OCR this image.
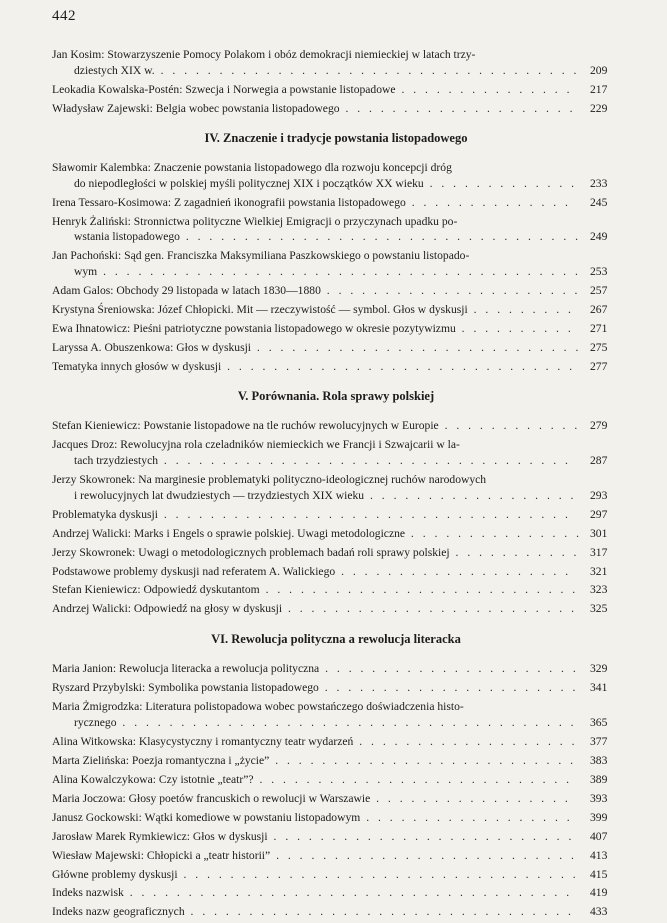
442
Jan Kosim: Stowarzyszenie Pomocy Polakom i obóz demokracji niemieckiej w latach trzy-
dziestych XIX w. . . . . . . . . . . . . . . . . . . . . . . . . . . . . . . . . . . . . 209
Leokadia Kowalska-Postén: Szwecja i Norwegia a powstanie listopadowe . . . . . . . . . . . . . . . 217
Władysław Zajewski: Belgia wobec powstania listopadowego . . . . . . . . . . . . . . . . . . . . 229
IV. Znaczenie i tradycje powstania listopadowego
Sławomir Kalembka: Znaczenie powstania listopadowego dla rozwoju koncepcji dróg
do niepodległości w polskiej myśli politycznej XIX i początków XX wieku . . . . . . . . . . . . .	233
Irena Tessaro-Kosimowa: Z zagadnień ikonografii powstania listopadowego . . . . . . . . . . . . . . 245
Henryk Żaliński: Stronnictwa polityczne Wielkiej Emigracji o przyczynach upadku po-
wstania listopadowego . . . . . . . . . . . . . . . . . . . . . . . . . . . . . . . . . . 249
Jan Pachoński: Sąd gen. Franciszka Maksymiliana Paszkowskiego o powstaniu listopado-
wym . . . . . . . . . . . . . . . . . . . . . . . . . . . . . . . . . . . . . . . . . 253
Adam Galos: Obchody 29 listopada w latach 1830—1880 . . . . . . . . . . . . . . . . . . . . . . 257
Krystyna Śreniowska: Józef Chłopicki. Mit — rzeczywistość — symbol. Głos w dyskusji . . . . . . . . . 267
Ewa Ihnatowicz: Pieśni patriotyczne powstania listopadowego w okresie pozytywizmu . . . . . . . . . . 271
Laryssa A. Obuszenkowa: Głos w dyskusji . . . . . . . . . . . . . . . . . . . . . . . . . . . . 275
Tematyka innych głosów w dyskusji . . . . . . . . . . . . . . . . . . . . . . . . . . . . . . 277
V. Porównania. Rola sprawy polskiej
Stefan Kieniewicz: Powstanie listopadowe na tle ruchów rewolucyjnych w Europie . . . . . . . . . . . . 279
Jacques Droz: Rewolucyjna rola czeladników niemieckich we Francji i Szwajcarii w la-
tach trzydziestych . . . . . . . . . . . . . . . . . . . . . . . . . . . . . . . . . . .	287
Jerzy Skowronek: Na marginesie problematyki polityczno-ideologicznej ruchów narodowych
i rewolucyjnych lat dwudziestych — trzydziestych XIX wieku . . . . . . . . . . . . . . . . . .	293
Problematyka dyskusji . . . . . . . . . . . . . . . . . . . . . . . . . . . . . . . . . . . 297
Andrzej Walicki: Marks i Engels o sprawie polskiej. Uwagi metodologiczne . . . . . . . . . . . . . . . 301
Jerzy Skowronek: Uwagi o metodologicznych problemach badań roli sprawy polskiej . . . . . . . . . . . 317
Podstawowe problemy dyskusji nad referatem A. Walickiego . . . . . . . . . . . . . . . . . . . . 321
Stefan Kieniewicz: Odpowiedź dyskutantom . . . . . . . . . . . . . . . . . . . . . . . . . . . 323
Andrzej Walicki: Odpowiedź na głosy w dyskusji . . . . . . . . . . . . . . . . . . . . . . . . . 325
VI. Rewolucja polityczna a rewolucja literacka
Maria Janion: Rewolucja literacka a rewolucja polityczna . . . . . . . . . . . . . . . . . . . . . . 329
Ryszard Przybylski: Symbolika powstania listopadowego . . . . . . . . . . . . . . . . . . . . . . 341
Maria Żmigrodzka: Literatura polistopadowa wobec powstańczego doświadczenia histo-
rycznego . . . . . . . . . . . . . . . . . . . . . . . . . . . . . . . . . . . . . . .	365
Alina Witkowska: Klasycystyczny i romantyczny teatr wydarzeń . . . . . . . . . . . . . . . . . . . 377
Marta Zielińska: Poezja romantyczna i „życie” . . . . . . . . . . . . . . . . . . . . . . . . . . 383
Alina Kowalczykowa: Czy istotnie „teatr”? . . . . . . . . . . . . . . . . . . . . . . . . . . . 389
Maria Joczowa: Głosy poetów francuskich o rewolucji w Warszawie . . . . . . . . . . . . . . . . . 393
Janusz Gockowski: Wątki komediowe w powstaniu listopadowym . . . . . . . . . . . . . . . . . . 399
Jarosław Marek Rymkiewicz: Głos w dyskusji . . . . . . . . . . . . . . . . . . . . . . . . . . 407
Wiesław Majewski: Chłopicki a „teatr historii” . . . . . . . . . . . . . . . . . . . . . . . . . . 413
Główne problemy dyskusji . . . . . . . . . . . . . . . . . . . . . . . . . . . . . . . . . . 415
Indeks nazwisk . . . . . . . . . . . . . . . . . . . . . . . . . . . . . . . . . . . . . . 419
Indeks nazw geograficznych . . . . . . . . . . . . . . . . . . . . . . . . . . . . . . . . . 433
